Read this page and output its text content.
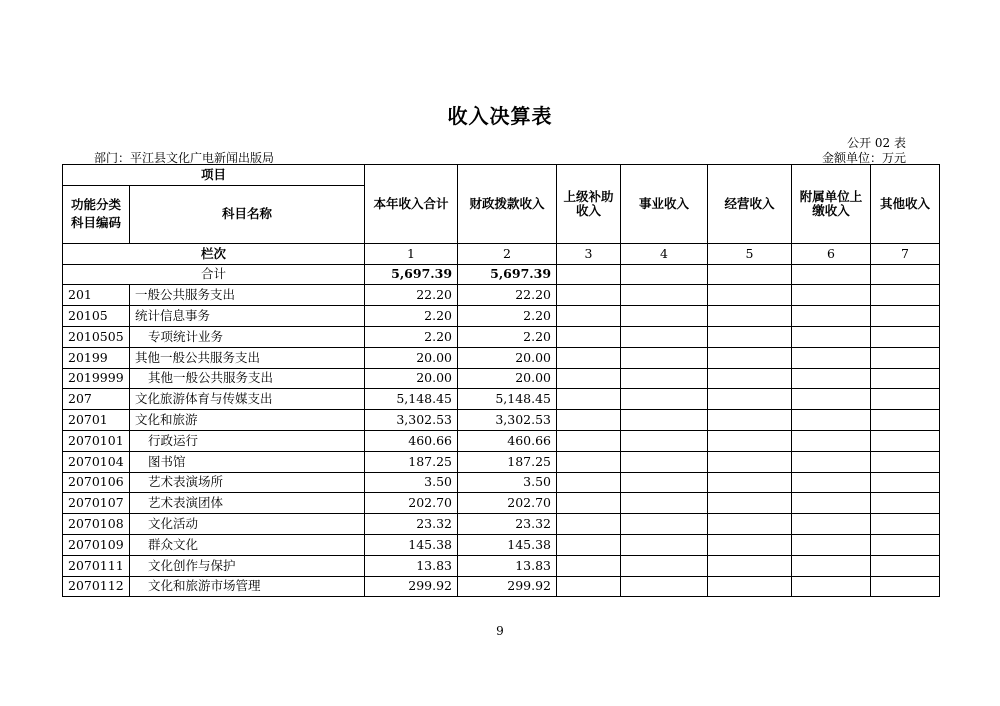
收入决算表
公开 02 表
部门：平江县文化广电新闻出版局	金额单位：万元
项目		本年收入合计	财政拨款收入	上级补助收入	事业收入	经营收入	附属单位上缴收入	其他收入
功能分类科目编码	科目名称							
栏次		1	2	3	4	5	6	7
合计		5,697.39	5,697.39					
201	一般公共服务支出	22.20	22.20					
20105	统计信息事务	2.20	2.20					
2010505	专项统计业务	2.20	2.20					
20199	其他一般公共服务支出	20.00	20.00					
2019999	其他一般公共服务支出	20.00	20.00					
207	文化旅游体育与传媒支出	5,148.45	5,148.45					
20701	文化和旅游	3,302.53	3,302.53					
2070101	行政运行	460.66	460.66					
2070104	图书馆	187.25	187.25					
2070106	艺术表演场所	3.50	3.50					
2070107	艺术表演团体	202.70	202.70					
2070108	文化活动	23.32	23.32					
2070109	群众文化	145.38	145.38					
2070111	文化创作与保护	13.83	13.83					
2070112	文化和旅游市场管理	299.92	299.92					
9
